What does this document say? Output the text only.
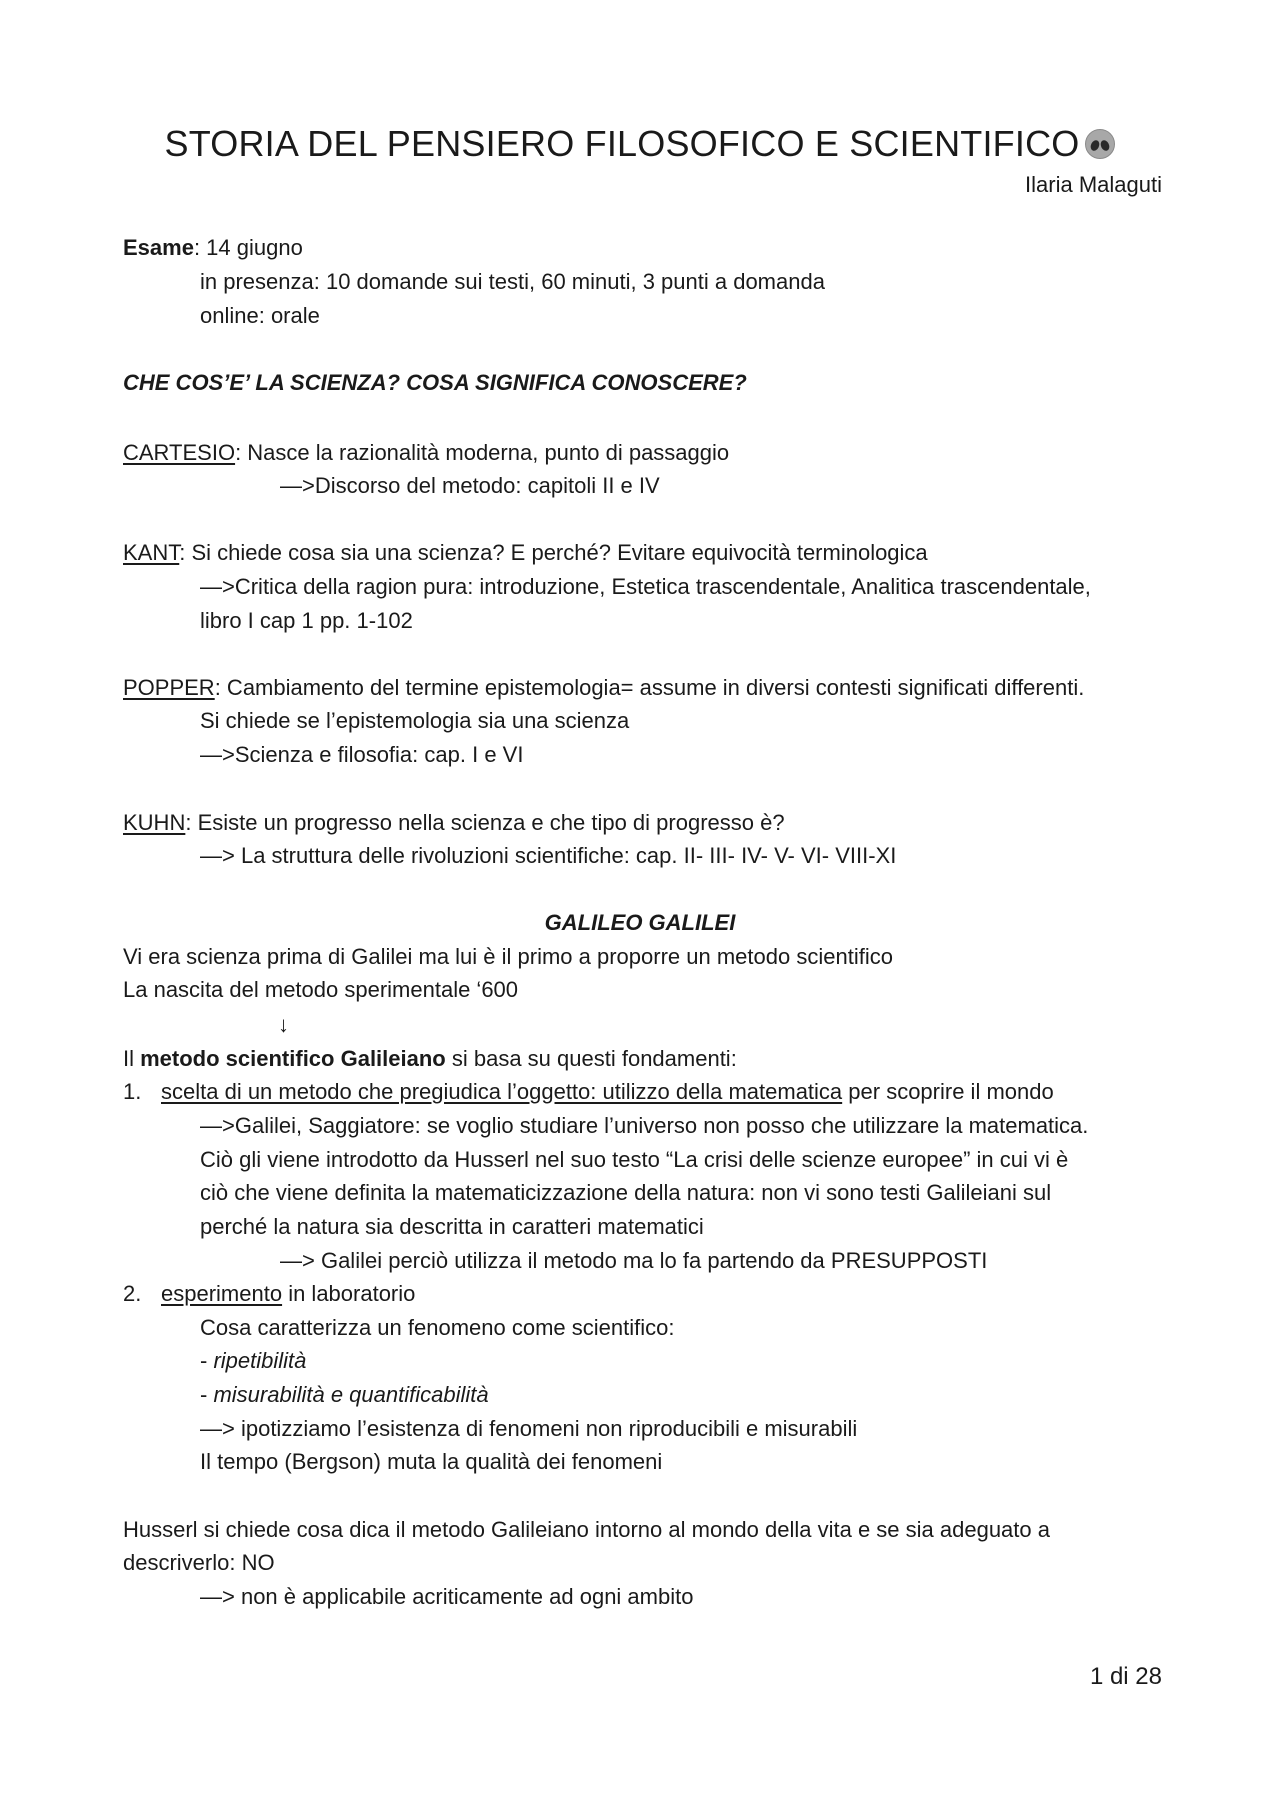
STORIA DEL PENSIERO FILOSOFICO E SCIENTIFICO
Ilaria Malaguti
Esame: 14 giugno
in presenza: 10 domande sui testi, 60 minuti, 3 punti a domanda
online: orale
CHE COS’E’ LA SCIENZA? COSA SIGNIFICA CONOSCERE?
CARTESIO: Nasce la razionalità moderna, punto di passaggio
—>Discorso del metodo: capitoli II e IV
KANT: Si chiede cosa sia una scienza? E perché? Evitare equivocità terminologica
—>Critica della ragion pura: introduzione, Estetica trascendentale, Analitica trascendentale,
libro I cap 1 pp. 1-102
POPPER: Cambiamento del termine epistemologia= assume in diversi contesti significati differenti.
Si chiede se l’epistemologia sia una scienza
—>Scienza e filosofia: cap. I e VI
KUHN: Esiste un progresso nella scienza e che tipo di progresso è?
—> La struttura delle rivoluzioni scientifiche: cap. II- III- IV- V- VI- VIII-XI
GALILEO GALILEI
Vi era scienza prima di Galilei ma lui è il primo a proporre un metodo scientifico
La nascita del metodo sperimentale ‘600
↓
Il metodo scientifico Galileiano si basa su questi fondamenti:
1. scelta di un metodo che pregiudica l’oggetto: utilizzo della matematica per scoprire il mondo
—>Galilei, Saggiatore: se voglio studiare l’universo non posso che utilizzare la matematica.
Ciò gli viene introdotto da Husserl nel suo testo “La crisi delle scienze europee” in cui vi è
ciò che viene definita la matematicizzazione della natura: non vi sono testi Galileiani sul
perché la natura sia descritta in caratteri matematici
—> Galilei perciò utilizza il metodo ma lo fa partendo da PRESUPPOSTI
2. esperimento in laboratorio
Cosa caratterizza un fenomeno come scientifico:
- ripetibilità
- misurabilità e quantificabilità
—> ipotizziamo l’esistenza di fenomeni non riproducibili e misurabili
Il tempo (Bergson) muta la qualità dei fenomeni
Husserl si chiede cosa dica il metodo Galileiano intorno al mondo della vita e se sia adeguato a
descriverlo: NO
—> non è applicabile acriticamente ad ogni ambito
1 di 28
